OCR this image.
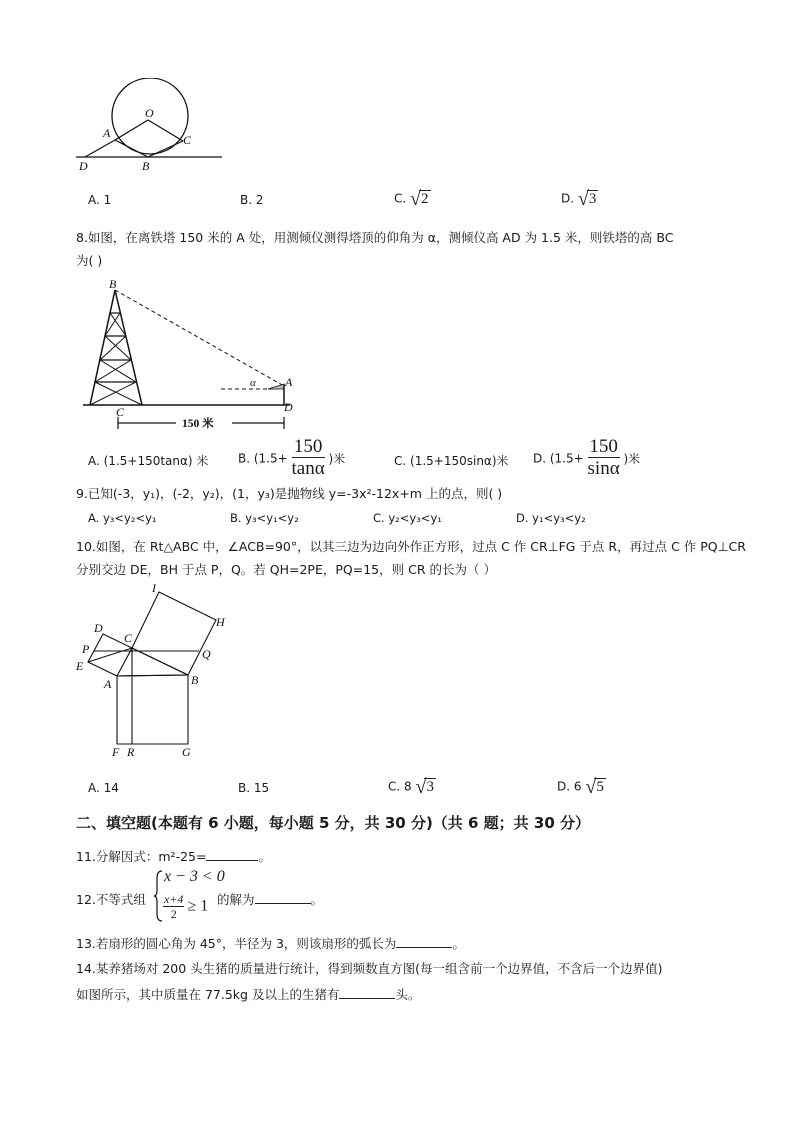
O
A	C
D	B
A. 1	B. 2	C. √2	D. √3
8.如图，在离铁塔 150 米的 A 处，用测倾仪测得塔顶的仰角为 α，测倾仪高 AD 为 1.5 米，则铁塔的高 BC
为( )
B
C	D
A
α
150 米
A. (1.5+150tanα) 米 B. ($1.5+ \frac{150}{\tan\alpha}$ )米	C. (1.5+150sinα)米 D. ($1.5+ \frac{150}{\sin\alpha}$ )米
9.已知(-3，y₁)，(-2，y₂)，(1，y₃)是抛物线 y=-3x²-12x+m 上的点，则( )
A. y₃<y₂<y₁	B. y₃<y₁<y₂	C. y₂<y₃<y₁	D. y₁<y₃<y₂
10.如图，在 Rt△ABC 中，∠ACB=90°，以其三边为边向外作正方形，过点 C 作 CR⊥FG 于点 R，再过点 C 作 PQ⊥CR
分别交边 DE，BH 于点 P，Q。若 QH=2PE，PQ=15，则 CR 的长为（ ）
I
H
D
C
P	Q
E
A	B
F R	G
A. 14	B. 15	C. 8 √3	D. 6 √5
二、填空题(本题有 6 小题，每小题 5 分，共 30 分)（共 6 题；共 30 分）
11.分解因式：m²-25=	。
12.不等式组
x − 3 < 0
$\frac{x+4}{2} \ge 1$ 的解为	。
13.若扇形的圆心角为 45°，半径为 3，则该扇形的弧长为	。
14.某养猪场对 200 头生猪的质量进行统计，得到频数直方图(每一组含前一个边界值，不含后一个边界值)
如图所示，其中质量在 77.5kg 及以上的生猪有	头。
